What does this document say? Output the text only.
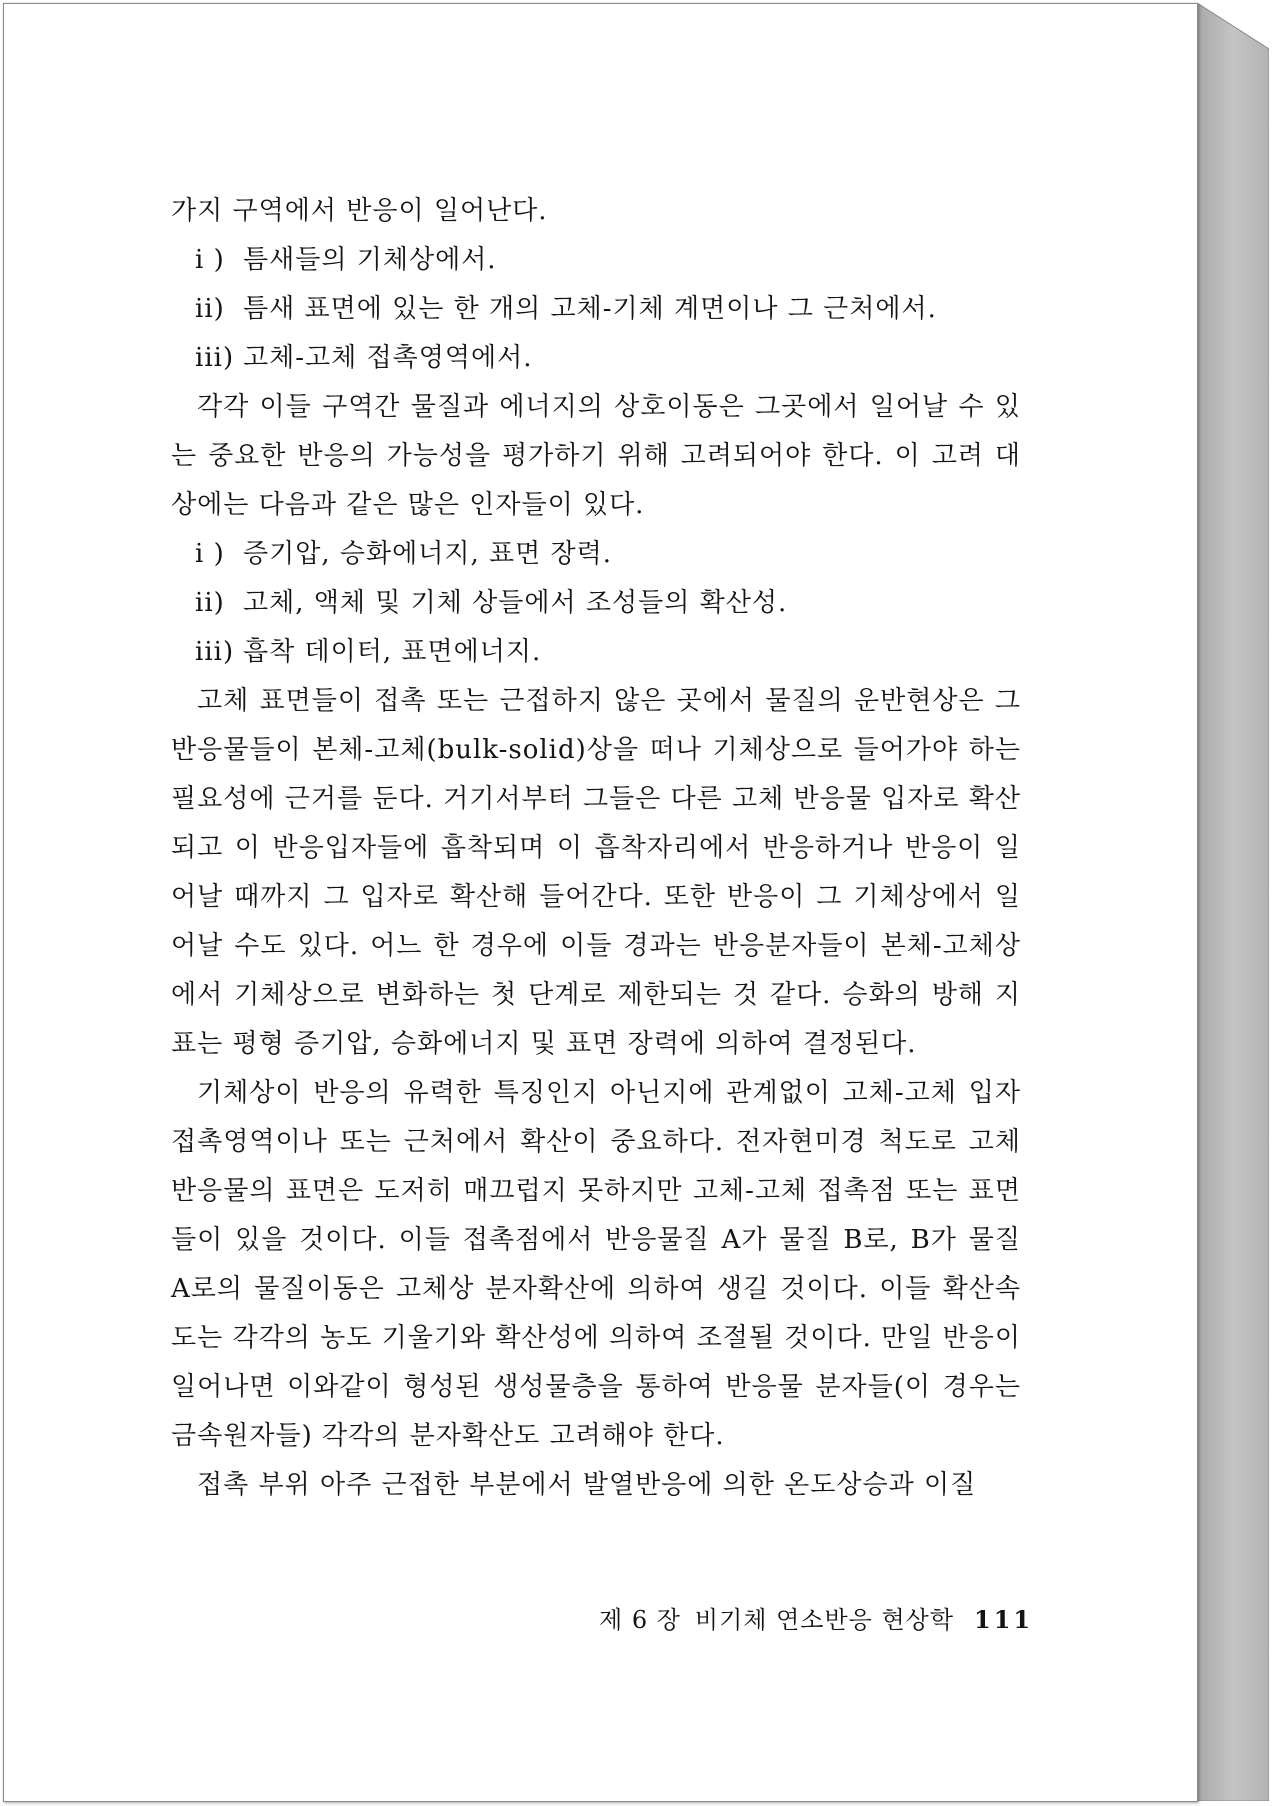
가지 구역에서 반응이 일어난다.

i ) 틈새들의 기체상에서.

ii) 틈새 표면에 있는 한 개의 고체-기체 계면이나 그 근처에서.

iii) 고체-고체 접촉영역에서.

각각 이들 구역간 물질과 에너지의 상호이동은 그곳에서 일어날 수 있는 중요한 반응의 가능성을 평가하기 위해 고려되어야 한다. 이 고려 대상에는 다음과 같은 많은 인자들이 있다.

i ) 증기압, 승화에너지, 표면 장력.

ii) 고체, 액체 및 기체 상들에서 조성들의 확산성.

iii) 흡착 데이터, 표면에너지.

고체 표면들이 접촉 또는 근접하지 않은 곳에서 물질의 운반현상은 그 반응물들이 본체-고체(bulk-solid)상을 떠나 기체상으로 들어가야 하는 필요성에 근거를 둔다. 거기서부터 그들은 다른 고체 반응물 입자로 확산되고 이 반응입자들에 흡착되며 이 흡착자리에서 반응하거나 반응이 일어날 때까지 그 입자로 확산해 들어간다. 또한 반응이 그 기체상에서 일어날 수도 있다. 어느 한 경우에 이들 경과는 반응분자들이 본체-고체상에서 기체상으로 변화하는 첫 단계로 제한되는 것 같다. 승화의 방해 지표는 평형 증기압, 승화에너지 및 표면 장력에 의하여 결정된다.

기체상이 반응의 유력한 특징인지 아닌지에 관계없이 고체-고체 입자 접촉영역이나 또는 근처에서 확산이 중요하다. 전자현미경 척도로 고체반응물의 표면은 도저히 매끄럽지 못하지만 고체-고체 접촉점 또는 표면들이 있을 것이다. 이들 접촉점에서 반응물질 A가 물질 B로, B가 물질 A로의 물질이동은 고체상 분자확산에 의하여 생길 것이다. 이들 확산속도는 각각의 농도 기울기와 확산성에 의하여 조절될 것이다. 만일 반응이 일어나면 이와같이 형성된 생성물층을 통하여 반응물 분자들(이 경우는 금속원자들) 각각의 분자확산도 고려해야 한다.

접촉 부위 아주 근접한 부분에서 발열반응에 의한 온도상승과 이질

제 6 장 비기체 연소반응 현상학 111
